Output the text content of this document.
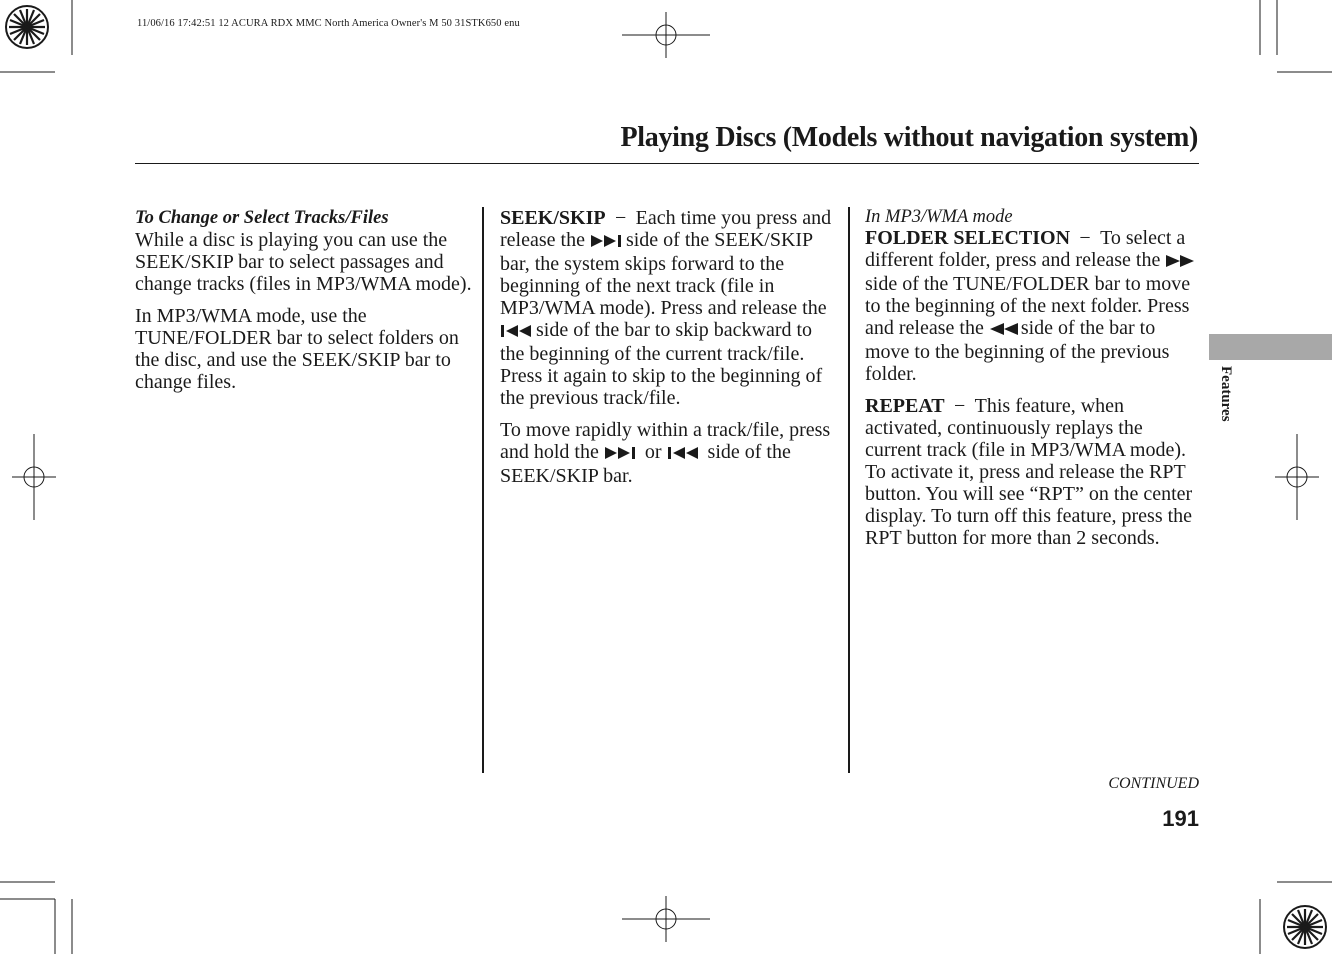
11/06/16 17:42:51 12 ACURA RDX MMC North America Owner's M 50 31STK650 enu
Playing Discs (Models without navigation system)
To Change or Select Tracks/Files

While a disc is playing you can use the SEEK/SKIP bar to select passages and change tracks (files in MP3/WMA mode).

In MP3/WMA mode, use the TUNE/FOLDER bar to select folders on the disc, and use the SEEK/SKIP bar to change files.

SEEK/SKIP − Each time you press and release the side of the SEEK/SKIP bar, the system skips forward to the beginning of the next track (file in MP3/WMA mode). Press and release the side of the bar to skip backward to the beginning of the current track/file. Press it again to skip to the beginning of the previous track/file.

To move rapidly within a track/file, press and hold the or side of the SEEK/SKIP bar.

In MP3/WMA mode

FOLDER SELECTION − To select a different folder, press and release the side of the TUNE/FOLDER bar to move to the beginning of the next folder. Press and release the side of the bar to move to the beginning of the previous folder.

REPEAT − This feature, when activated, continuously replays the current track (file in MP3/WMA mode). To activate it, press and release the RPT button. You will see “RPT” on the center display. To turn off this feature, press the RPT button for more than 2 seconds.

Features
CONTINUED
191
